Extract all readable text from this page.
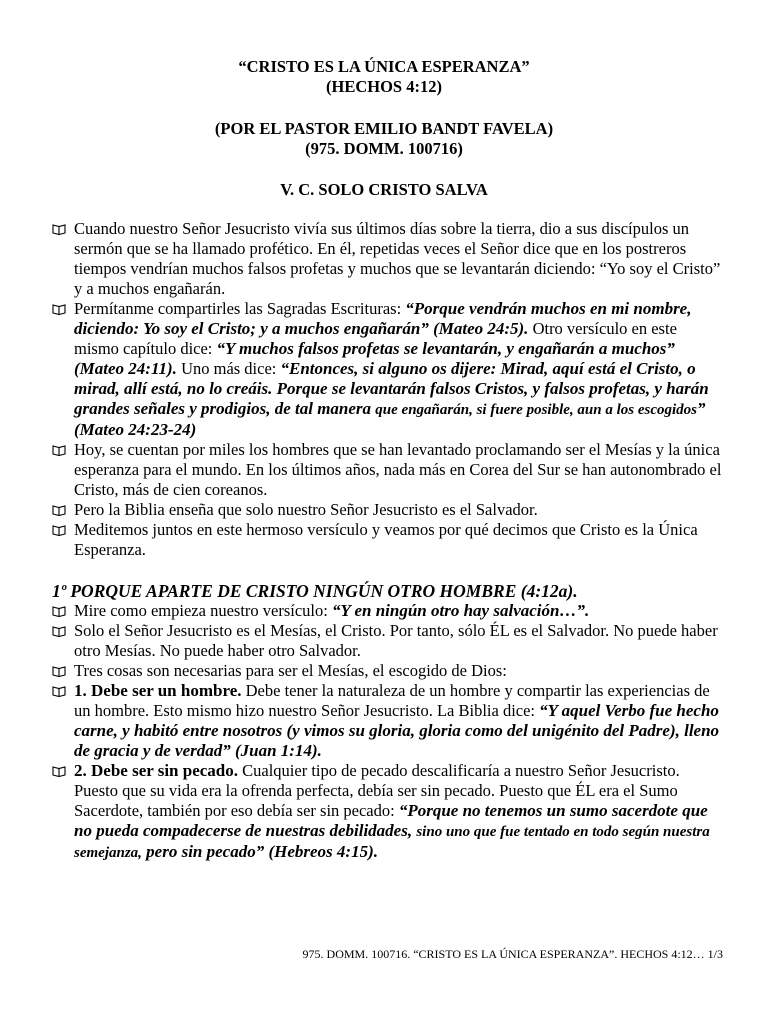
“CRISTO ES LA ÚNICA ESPERANZA”
(HECHOS 4:12)
(POR EL PASTOR EMILIO BANDT FAVELA)
(975. DOMM. 100716)
V. C. SOLO CRISTO SALVA

Cuando nuestro Señor Jesucristo vivía sus últimos días sobre la tierra, dio a sus discípulos un sermón que se ha llamado profético. En él, repetidas veces el Señor dice que en los postreros tiempos vendrían muchos falsos profetas y muchos que se levantarán diciendo: “Yo soy el Cristo” y a muchos engañarán.

Permítanme compartirles las Sagradas Escrituras: “Porque vendrán muchos en mi nombre, diciendo: Yo soy el Cristo; y a muchos engañarán” (Mateo 24:5). Otro versículo en este mismo capítulo dice: “Y muchos falsos profetas se levantarán, y engañarán a muchos” (Mateo 24:11). Uno más dice: “Entonces, si alguno os dijere: Mirad, aquí está el Cristo, o mirad, allí está, no lo creáis. Porque se levantarán falsos Cristos, y falsos profetas, y harán grandes señales y prodigios, de tal manera que engañarán, si fuere posible, aun a los escogidos” (Mateo 24:23-24)

Hoy, se cuentan por miles los hombres que se han levantado proclamando ser el Mesías y la única esperanza para el mundo. En los últimos años, nada más en Corea del Sur se han autonombrado el Cristo, más de cien coreanos.

Pero la Biblia enseña que solo nuestro Señor Jesucristo es el Salvador.

Meditemos juntos en este hermoso versículo y veamos por qué decimos que Cristo es la Única Esperanza.

1º PORQUE APARTE DE CRISTO NINGÚN OTRO HOMBRE (4:12a).

Mire como empieza nuestro versículo: “Y en ningún otro hay salvación…”.

Solo el Señor Jesucristo es el Mesías, el Cristo. Por tanto, sólo ÉL es el Salvador. No puede haber otro Mesías. No puede haber otro Salvador.

Tres cosas son necesarias para ser el Mesías, el escogido de Dios:

1. Debe ser un hombre. Debe tener la naturaleza de un hombre y compartir las experiencias de un hombre. Esto mismo hizo nuestro Señor Jesucristo. La Biblia dice: “Y aquel Verbo fue hecho carne, y habitó entre nosotros (y vimos su gloria, gloria como del unigénito del Padre), lleno de gracia y de verdad” (Juan 1:14).

2. Debe ser sin pecado. Cualquier tipo de pecado descalificaría a nuestro Señor Jesucristo. Puesto que su vida era la ofrenda perfecta, debía ser sin pecado. Puesto que ÉL era el Sumo Sacerdote, también por eso debía ser sin pecado: “Porque no tenemos un sumo sacerdote que no pueda compadecerse de nuestras debilidades, sino uno que fue tentado en todo según nuestra semejanza, pero sin pecado” (Hebreos 4:15).

975. DOMM. 100716. “CRISTO ES LA ÚNICA ESPERANZA”. HECHOS 4:12… 1/3
